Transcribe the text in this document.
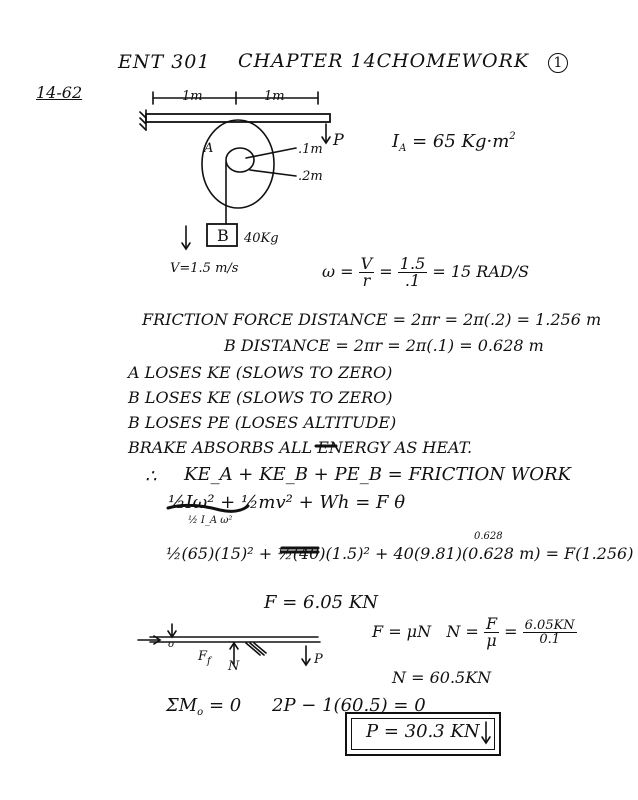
ENT 301 CHAPTER 14C HOMEWORK	1
14-62	1m	1m
P
A	.1m
.2m
B 40Kg
V=1.5 m/s
$I_A = 65$ $Kg\cdot m^2$
$\omega = \frac{V}{r} = \frac{1.5}{.1} = 15$ RAD/S
FRICTION FORCE DISTANCE = 2πr = 2π(.2) = 1.256 m
B DISTANCE = 2πr = 2π(.1) = 0.628 m
A LOSES KE (SLOWS TO ZERO)
B LOSES KE (SLOWS TO ZERO)
B LOSES PE (LOSES ALTITUDE)
BRAKE ABSORBS ALL ENERGY AS HEAT.
∴ KE_A + KE_B + PE_B = FRICTION WORK
½Iω² + ½mv² + Wh = F θ
½ I_A ω²
0.628
½(65)(15)² + ½(40)(1.5)² + 40(9.81)(0.628 m) = F(1.256)
F = 6.05 KN
o
$F_f$ N	P
F = μN $N = \frac{F}{\mu} = \frac{6.05KN}{0.1}$
N = 60.5KN
$\Sigma M_o = 0$ 2P − 1(60.5) = 0
P = 30.3 KN
